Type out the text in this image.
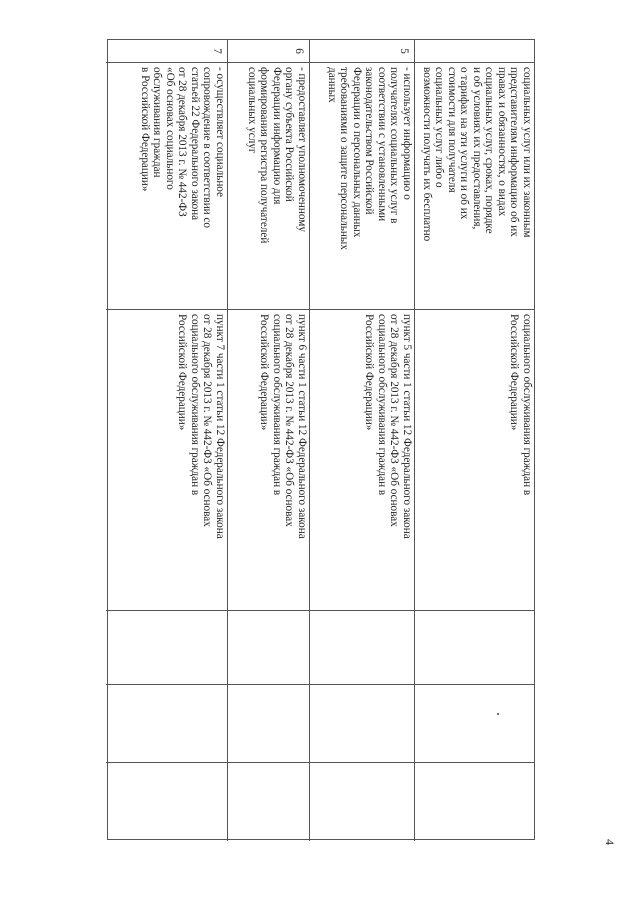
4
социальных услуг или их законным
представителям информацию об их
правах и обязанностях, о видах
социальных услуг, сроках, порядке
и об условиях их предоставления,
о тарифах на эти услуги и об их
стоимости для получателя
социальных услуг либо о
возможности получать их бесплатно
социального обслуживания граждан в
Российской Федерации»
5
- использует информацию о
получателях социальных услуг в
соответствии с установленными
законодательством Российской
Федерации о персональных данных
требованиями о защите персональных
данных
пункт 5 части 1 статьи 12 Федерального закона
от 28 декабря 2013 г. № 442-ФЗ «Об основах
социального обслуживания граждан в
Российской Федерации»
6
- предоставляет уполномоченному
органу субъекта Российской
Федерации информацию для
формирования регистра получателей
социальных услуг
пункт 6 части 1 статьи 12 Федерального закона
от 28 декабря 2013 г. № 442-ФЗ «Об основах
социального обслуживания граждан в
Российской Федерации»
7
- осуществляет социальное
сопровождение в соответствии со
статьей 22 Федерального закона
от 28 декабря 2013 г. № 442-ФЗ
«Об основах социального
обслуживания граждан
в Российской Федерации»
пункт 7 части 1 статьи 12 Федерального закона
от 28 декабря 2013 г. № 442-ФЗ «Об основах
социального обслуживания граждан в
Российской Федерации»
